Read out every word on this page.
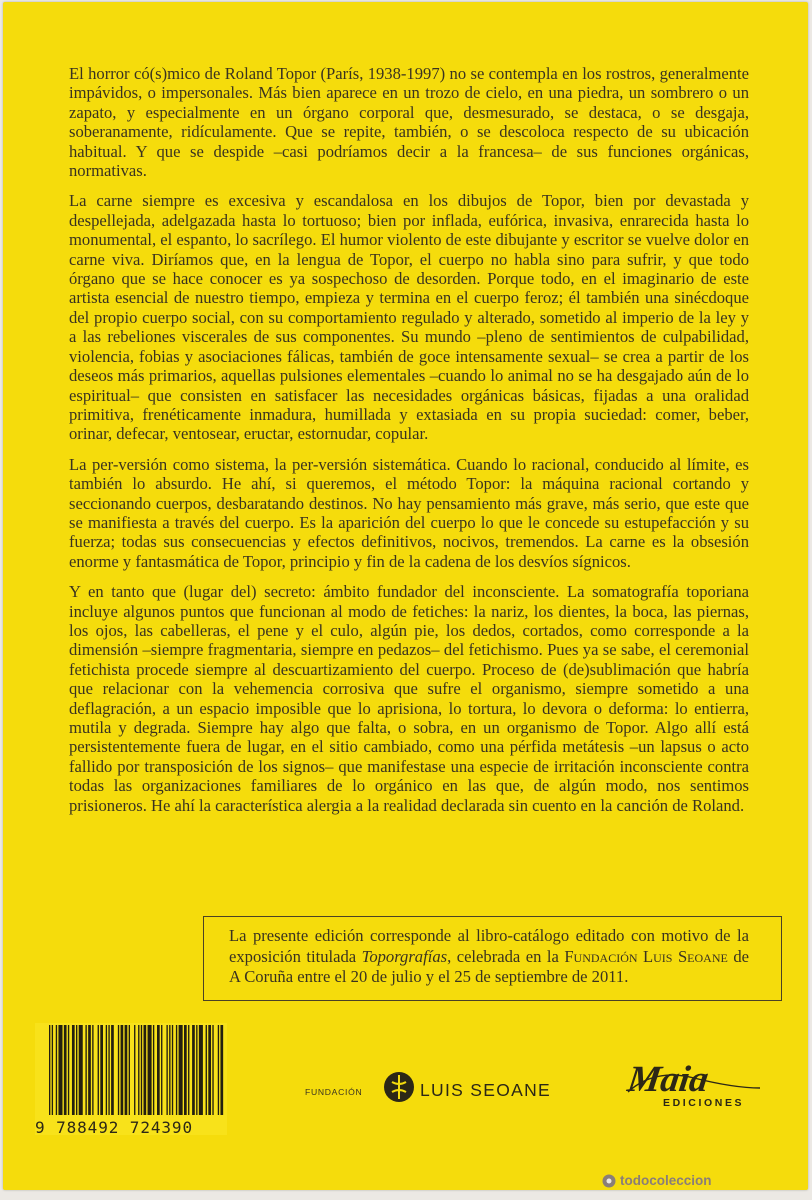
El horror có(s)mico de Roland Topor (París, 1938-1997) no se contempla en los rostros, generalmente impávidos, o impersonales. Más bien aparece en un trozo de cielo, en una piedra, un sombrero o un zapato, y especialmente en un órgano corporal que, desmesurado, se destaca, o se desgaja, soberanamente, ridículamente. Que se repite, también, o se descoloca respecto de su ubicación habitual. Y que se despide –casi podríamos decir a la francesa– de sus funciones orgánicas, normativas.

La carne siempre es excesiva y escandalosa en los dibujos de Topor, bien por devastada y despellejada, adelgazada hasta lo tortuoso; bien por inflada, eufórica, invasiva, enrarecida hasta lo monumental, el espanto, lo sacrílego. El humor violento de este dibujante y escritor se vuelve dolor en carne viva. Diríamos que, en la lengua de Topor, el cuerpo no habla sino para sufrir, y que todo órgano que se hace conocer es ya sospechoso de desorden. Porque todo, en el imaginario de este artista esencial de nuestro tiempo, empieza y termina en el cuerpo feroz; él también una sinécdoque del propio cuerpo social, con su comportamiento regulado y alterado, sometido al imperio de la ley y a las rebeliones viscerales de sus componentes. Su mundo –pleno de sentimientos de culpabilidad, violencia, fobias y asociaciones fálicas, también de goce intensamente sexual– se crea a partir de los deseos más primarios, aquellas pulsiones elementales –cuando lo animal no se ha desgajado aún de lo espiritual– que consisten en satisfacer las necesidades orgánicas básicas, fijadas a una oralidad primitiva, frenéticamente inmadura, humillada y extasiada en su propia suciedad: comer, beber, orinar, defecar, ventosear, eructar, estornudar, copular.

La per-versión como sistema, la per-versión sistemática. Cuando lo racional, conducido al límite, es también lo absurdo. He ahí, si queremos, el método Topor: la máquina racional cortando y seccionando cuerpos, desbaratando destinos. No hay pensamiento más grave, más serio, que este que se manifiesta a través del cuerpo. Es la aparición del cuerpo lo que le concede su estupefacción y su fuerza; todas sus consecuencias y efectos definitivos, nocivos, tremendos. La carne es la obsesión enorme y fantasmática de Topor, principio y fin de la cadena de los desvíos sígnicos.

Y en tanto que (lugar del) secreto: ámbito fundador del inconsciente. La somatografía toporiana incluye algunos puntos que funcionan al modo de fetiches: la nariz, los dientes, la boca, las piernas, los ojos, las cabelleras, el pene y el culo, algún pie, los dedos, cortados, como corresponde a la dimensión –siempre fragmentaria, siempre en pedazos– del fetichismo. Pues ya se sabe, el ceremonial fetichista procede siempre al descuartizamiento del cuerpo. Proceso de (de)sublimación que habría que relacionar con la vehemencia corrosiva que sufre el organismo, siempre sometido a una deflagración, a un espacio imposible que lo aprisiona, lo tortura, lo devora o deforma: lo entierra, mutila y degrada. Siempre hay algo que falta, o sobra, en un organismo de Topor. Algo allí está persistentemente fuera de lugar, en el sitio cambiado, como una pérfida metátesis –un lapsus o acto fallido por transposición de los signos– que manifestase una especie de irritación inconsciente contra todas las organizaciones familiares de lo orgánico en las que, de algún modo, nos sentimos prisioneros. He ahí la característica alergia a la realidad declarada sin cuento en la canción de Roland.

La presente edición corresponde al libro-catálogo editado con motivo de la exposición titulada Toporgrafías, celebrada en la Fundación Luis Seoane de A Coruña entre el 20 de julio y el 25 de septiembre de 2011.
9 788492 724390
FUNDACIÓN	LUIS SEOANE Maia
EDICIONES
todocoleccion
